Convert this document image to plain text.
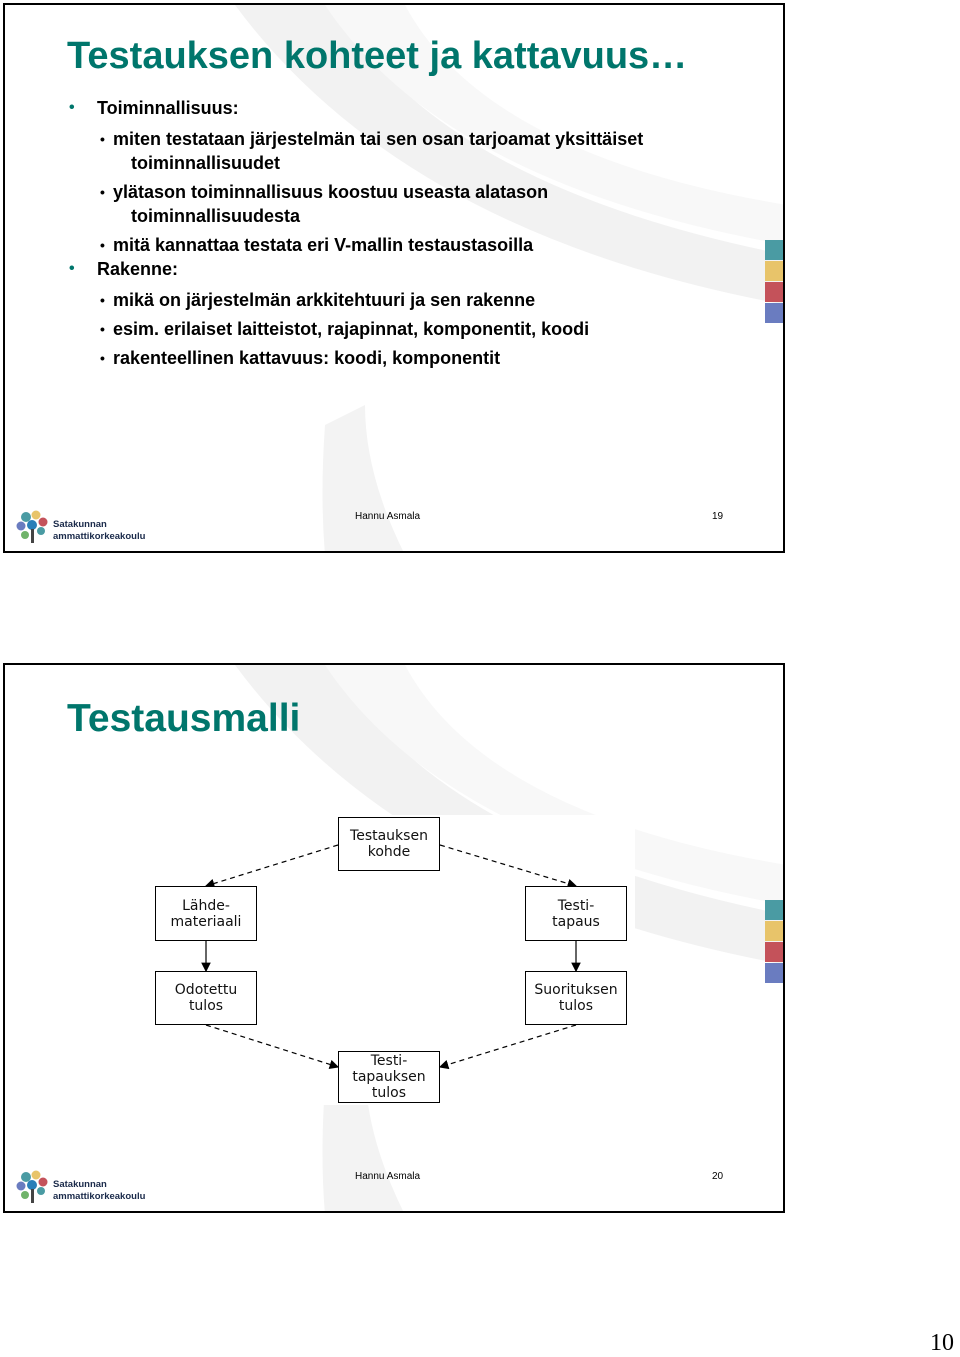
Testauksen kohteet ja kattavuus…
• Toiminnallisuus:
• miten testataan järjestelmän tai sen osan tarjoamat yksittäiset
toiminnallisuudet
• ylätason toiminnallisuus koostuu useasta alatason
toiminnallisuudesta
• mitä kannattaa testata eri V-mallin testaustasoilla
• Rakenne:
• mikä on järjestelmän arkkitehtuuri ja sen rakenne
• esim. erilaiset laitteistot, rajapinnat, komponentit, koodi
• rakenteellinen kattavuus: koodi, komponentit
Satakunnan
ammattikorkeakoulu
Hannu Asmala	19
Testausmalli
Testauksen
kohde
Lähde-
materiaali
Testi-
tapaus
Odotettu
tulos
Suorituksen
tulos
Testi-
tapauksen
tulos
Satakunnan
ammattikorkeakoulu
Hannu Asmala	20
10
